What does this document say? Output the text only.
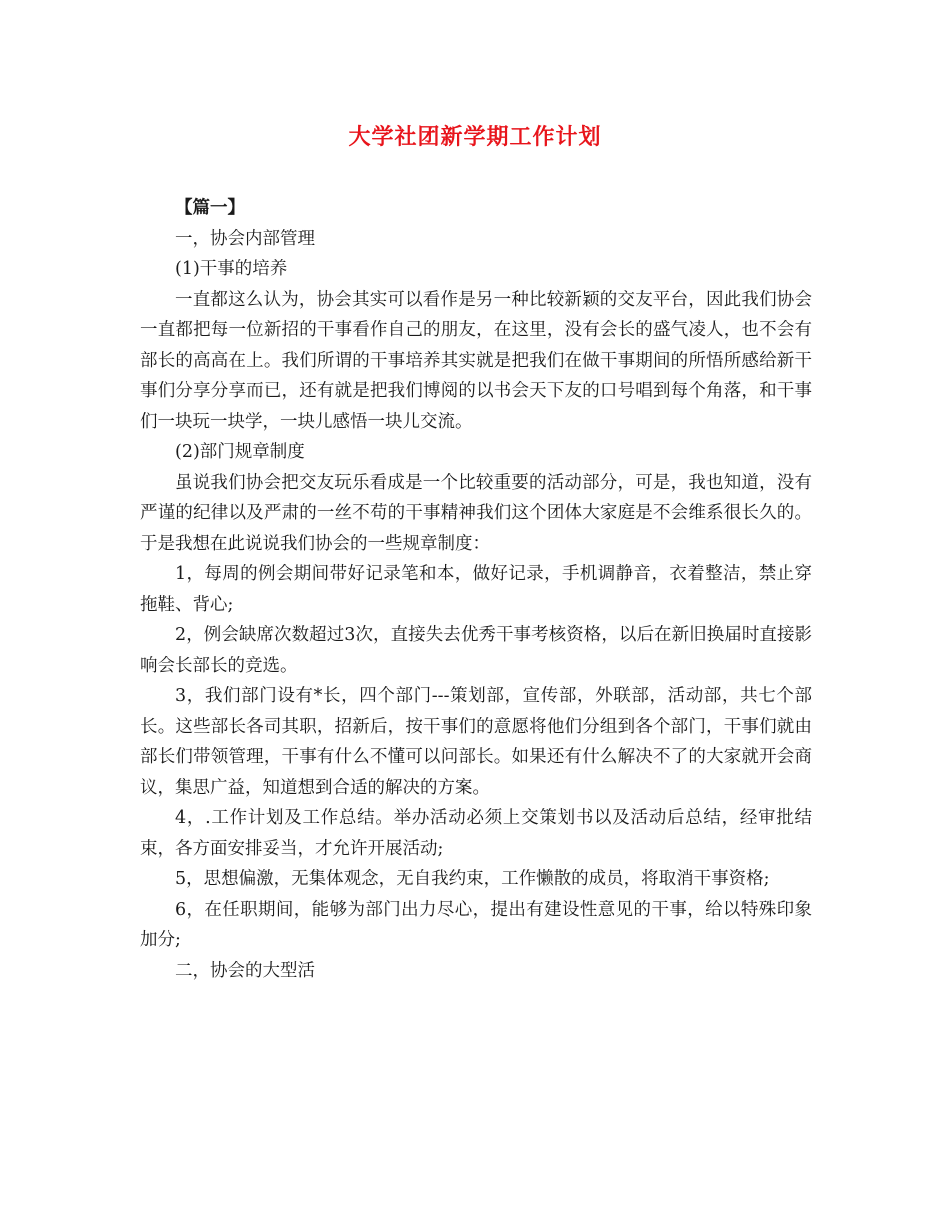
大学社团新学期工作计划

【篇一】

一，协会内部管理

(1)干事的培养

一直都这么认为，协会其实可以看作是另一种比较新颖的交友平台，因此我们协会一直都把每一位新招的干事看作自己的朋友，在这里，没有会长的盛气凌人，也不会有部长的高高在上。我们所谓的干事培养其实就是把我们在做干事期间的所悟所感给新干事们分享分享而已，还有就是把我们博阅的以书会天下友的口号唱到每个角落，和干事们一块玩一块学，一块儿感悟一块儿交流。

(2)部门规章制度

虽说我们协会把交友玩乐看成是一个比较重要的活动部分，可是，我也知道，没有严谨的纪律以及严肃的一丝不苟的干事精神我们这个团体大家庭是不会维系很长久的。于是我想在此说说我们协会的一些规章制度：

1，每周的例会期间带好记录笔和本，做好记录，手机调静音，衣着整洁，禁止穿拖鞋、背心;

2，例会缺席次数超过3次，直接失去优秀干事考核资格，以后在新旧换届时直接影响会长部长的竞选。

3，我们部门设有*长，四个部门---策划部，宣传部，外联部，活动部，共七个部长。这些部长各司其职，招新后，按干事们的意愿将他们分组到各个部门，干事们就由部长们带领管理，干事有什么不懂可以问部长。如果还有什么解决不了的大家就开会商议，集思广益，知道想到合适的解决的方案。

4，.工作计划及工作总结。举办活动必须上交策划书以及活动后总结，经审批结束，各方面安排妥当，才允许开展活动;

5，思想偏激，无集体观念，无自我约束，工作懒散的成员，将取消干事资格;

6，在任职期间，能够为部门出力尽心，提出有建设性意见的干事，给以特殊印象加分;

二，协会的大型活
